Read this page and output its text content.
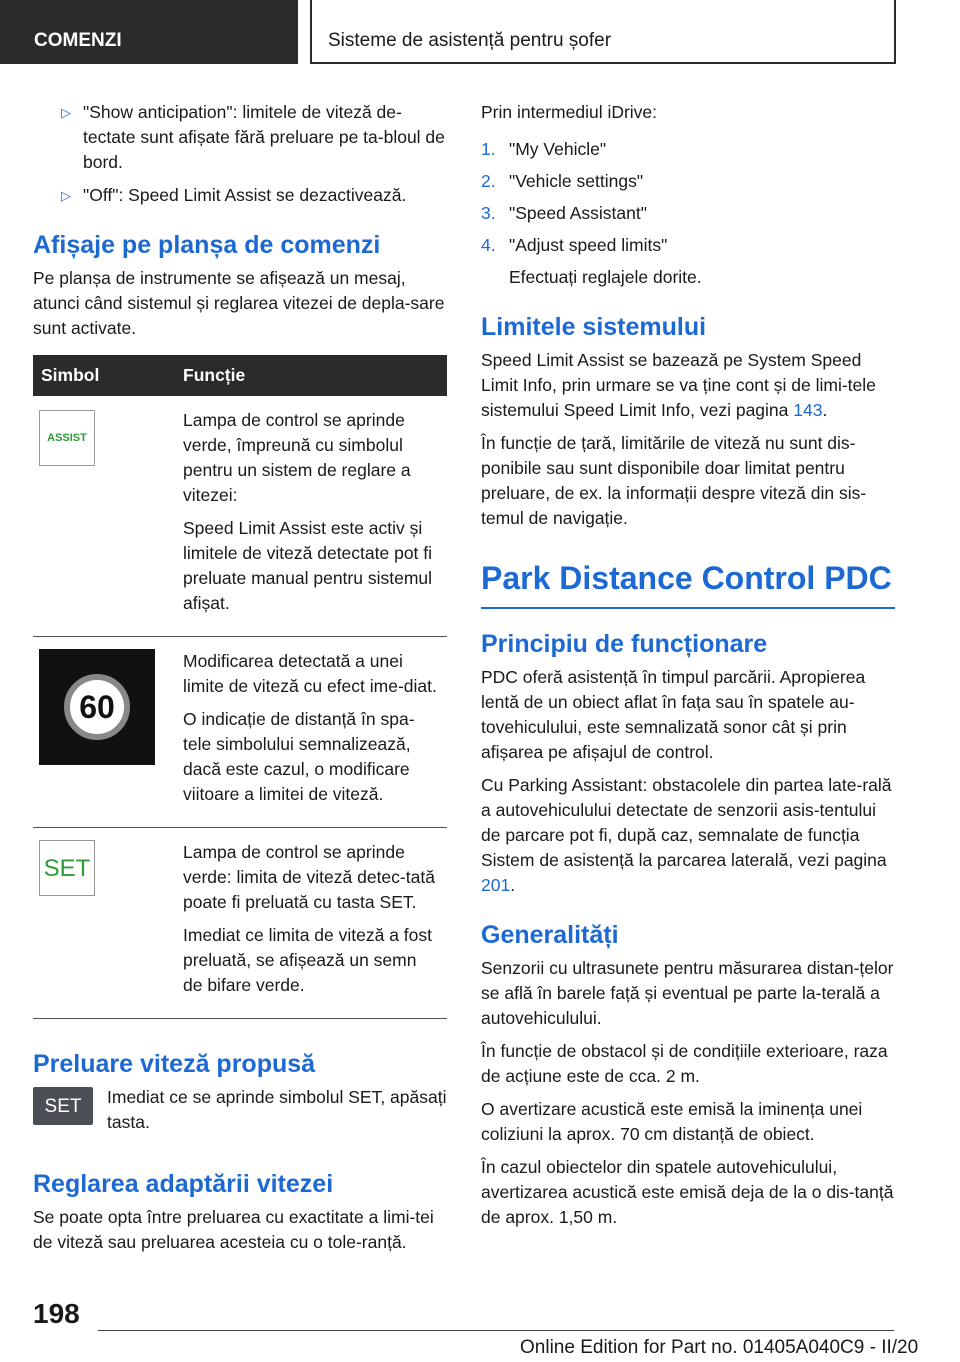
COMENZI	Sisteme de asistență pentru șofer
▷ "Show anticipation": limitele de viteză de-tectate sunt afișate fără preluare pe ta-bloul de bord.
▷ "Off": Speed Limit Assist se dezactivează.
Afișaje pe planșa de comenzi

Pe planșa de instrumente se afișează un mesaj, atunci când sistemul și reglarea vitezei de depla-sare sunt activate.

Simbol	Funcție

ASSIST	Lampa de control se aprinde verde, împreună cu simbolul pentru un sistem de reglare a vitezei:

Speed Limit Assist este activ și limitele de viteză detectate pot fi preluate manual pentru sistemul afișat.

60	Modificarea detectată a unei limite de viteză cu efect ime-diat.

O indicație de distanță în spa-tele simbolului semnalizează, dacă este cazul, o modificare viitoare a limitei de viteză.

SET	Lampa de control se aprinde verde: limita de viteză detec-tată poate fi preluată cu tasta SET.

Imediat ce limita de viteză a fost preluată, se afișează un semn de bifare verde.

Preluare viteză propusă
SET	Imediat ce se aprinde simbolul SET, apăsați tasta.

Reglarea adaptării vitezei

Se poate opta între preluarea cu exactitate a limi-tei de viteză sau preluarea acesteia cu o tole-ranță.

Prin intermediul iDrive:

1. "My Vehicle"
2. "Vehicle settings"
3. "Speed Assistant"
4. "Adjust speed limits"

Efectuați reglajele dorite.

Limitele sistemului

Speed Limit Assist se bazează pe System Speed Limit Info, prin urmare se va ține cont și de limi-tele sistemului Speed Limit Info, vezi pagina 143.

În funcție de țară, limitările de viteză nu sunt dis-ponibile sau sunt disponibile doar limitat pentru preluare, de ex. la informații despre viteză din sis-temul de navigație.

Park Distance Control PDC
Principiu de funcționare

PDC oferă asistență în timpul parcării. Apropierea lentă de un obiect aflat în fața sau în spatele au-tovehiculului, este semnalizată sonor cât și prin afișarea pe afișajul de control.

Cu Parking Assistant: obstacolele din partea late-rală a autovehiculului detectate de senzorii asis-tentului de parcare pot fi, după caz, semnalate de funcția Sistem de asistență la parcarea laterală, vezi pagina 201.

Generalități

Senzorii cu ultrasunete pentru măsurarea distan-țelor se află în barele față și eventual pe parte la-terală a autovehiculului.

În funcție de obstacol și de condițiile exterioare, raza de acțiune este de cca. 2 m.

O avertizare acustică este emisă la iminența unei coliziuni la aprox. 70 cm distanță de obiect.

În cazul obiectelor din spatele autovehiculului, avertizarea acustică este emisă deja de la o dis-tanță de aprox. 1,50 m.

198
Online Edition for Part no. 01405A040C9 - II/20
